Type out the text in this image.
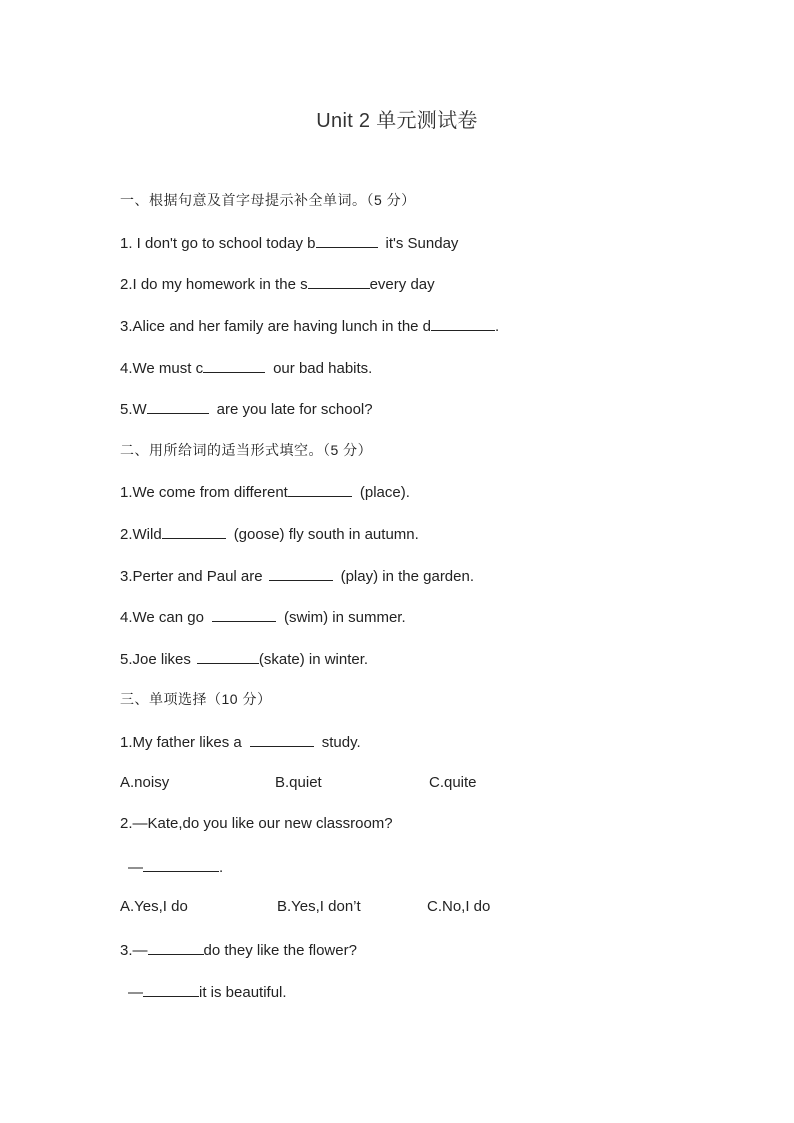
Unit 2 单元测试卷
一、根据句意及首字母提示补全单词。（5 分）
1. I don't go to school today b	it's Sunday
2.I do my homework in the s	every day
3.Alice and her family are having lunch in the d	.
4.We must c	our bad habits.
5.W	are you late for school?
二、用所给词的适当形式填空。（5 分）
1.We come from different	(place).
2.Wild	(goose) fly south in autumn.
3.Perter and Paul are	(play) in the garden.
4.We can go	(swim) in summer.
5.Joe likes	(skate) in winter.
三、单项选择（10 分）
1.My father likes a	study.
A.noisy	B.quiet	C.quite
2.—Kate,do you like our new classroom?
—	.
A.Yes,I do	B.Yes,I don’t	C.No,I do
3.—	do they like the flower?
—	it is beautiful.
